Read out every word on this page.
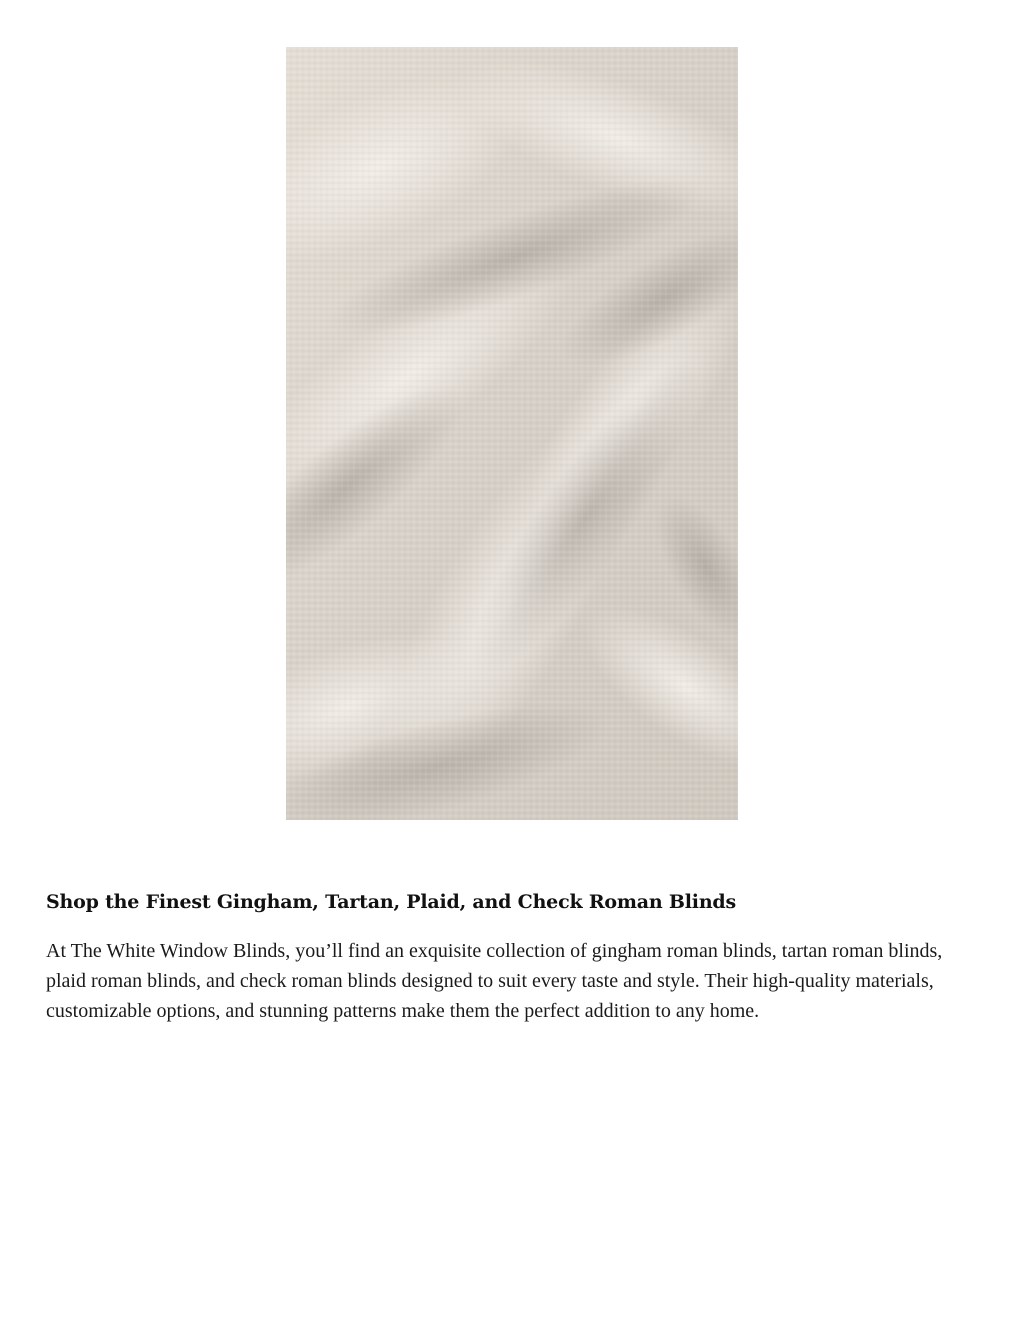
Shop the Finest Gingham, Tartan, Plaid, and Check Roman Blinds

At The White Window Blinds, you’ll find an exquisite collection of gingham roman blinds, tartan roman blinds, plaid roman blinds, and check roman blinds designed to suit every taste and style. Their high-quality materials, customizable options, and stunning patterns make them the perfect addition to any home.
